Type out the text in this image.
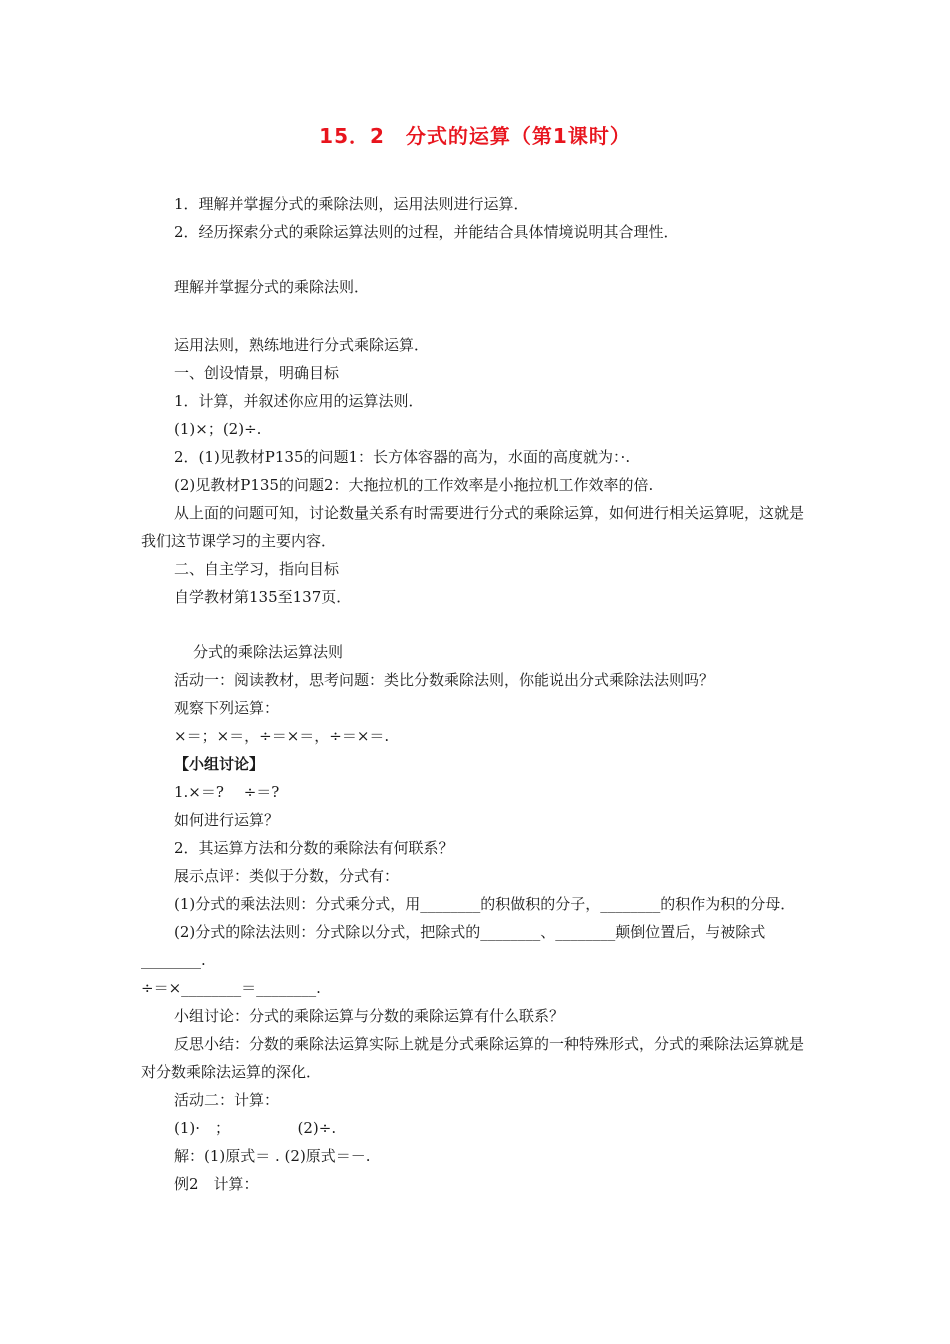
15．2　分式的运算（第1课时）
1．理解并掌握分式的乘除法则，运用法则进行运算．
2．经历探索分式的乘除运算法则的过程，并能结合具体情境说明其合理性．
理解并掌握分式的乘除法则．
运用法则，熟练地进行分式乘除运算．
一、创设情景，明确目标
1．计算，并叙述你应用的运算法则．
(1)×；(2)÷.
2．(1)见教材P135的问题1：长方体容器的高为，水面的高度就为：·.
(2)见教材P135的问题2：大拖拉机的工作效率是小拖拉机工作效率的倍.
从上面的问题可知，讨论数量关系有时需要进行分式的乘除运算，如何进行相关运算呢，这就是我们这节课学习的主要内容．
二、自主学习，指向目标
自学教材第135至137页．
分式的乘除法运算法则
活动一：阅读教材，思考问题：类比分数乘除法则，你能说出分式乘除法法则吗？
观察下列运算：
×＝；×＝，÷＝×＝，÷＝×＝.
【小组讨论】
1.×＝?　 ÷＝?
如何进行运算？
2．其运算方法和分数的乘除法有何联系？
展示点评：类似于分数，分式有：
(1)分式的乘法法则：分式乘分式，用________的积做积的分子，________的积作为积的分母．
(2)分式的除法法则：分式除以分式，把除式的________、________颠倒位置后，与被除式________.
÷＝×________＝________.
小组讨论：分式的乘除运算与分数的乘除运算有什么联系？
反思小结：分数的乘除法运算实际上就是分式乘除运算的一种特殊形式，分式的乘除法运算就是对分数乘除法运算的深化．
活动二：计算：
(1)·　；　　　　　(2)÷.
解：(1)原式＝ . (2)原式＝－.
例2　计算：
